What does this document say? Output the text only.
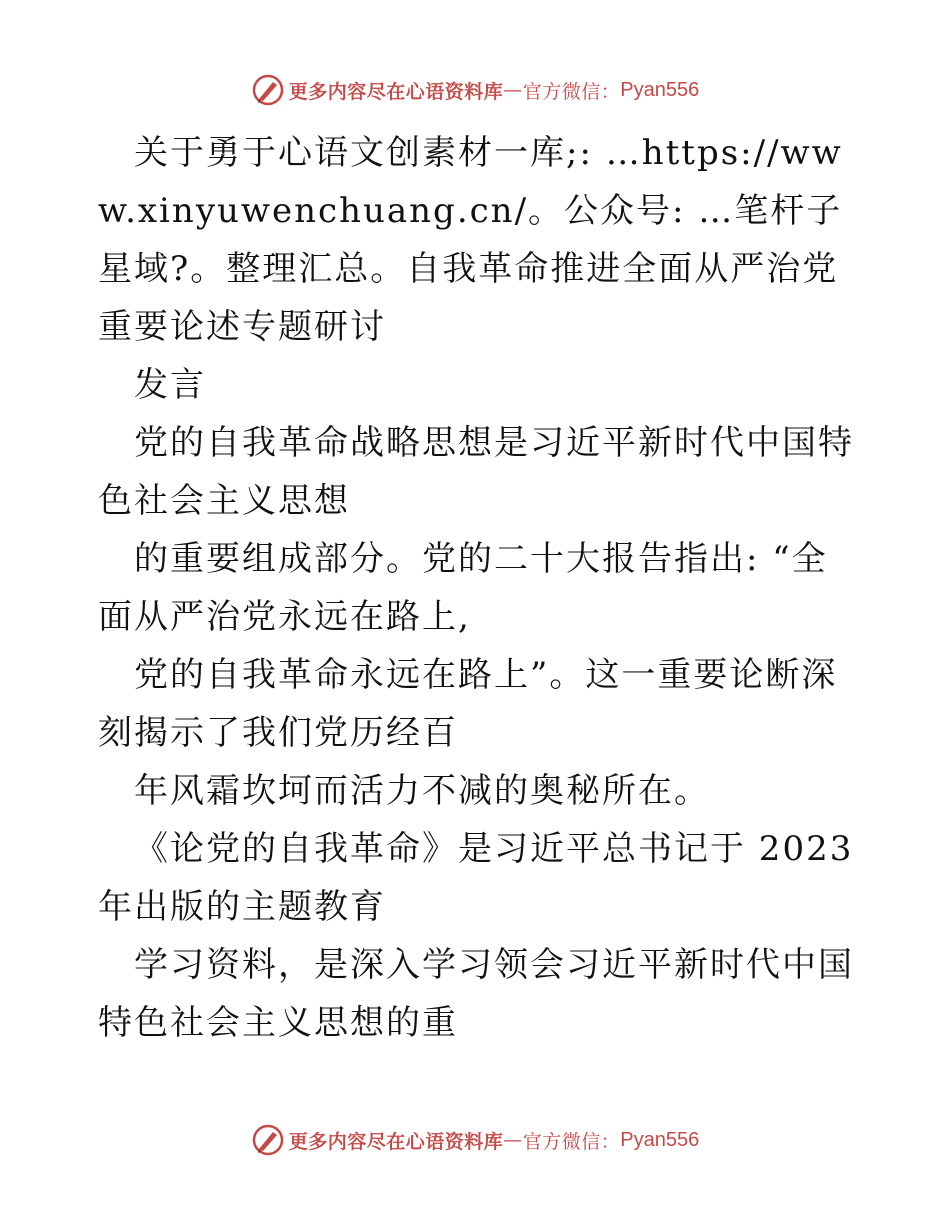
更多内容尽在心语资料库 — 官方微信： Pyan556

关于勇于心语文创素材一库;: …https://www.xinyuwenchuang.cn/。公众号: …笔杆子星域?。整理汇总。自我革命推进全面从严治党重要论述专题研讨

发言

党的自我革命战略思想是习近平新时代中国特色社会主义思想

的重要组成部分。党的二十大报告指出: “全面从严治党永远在路上,

党的自我革命永远在路上”。这一重要论断深刻揭示了我们党历经百

年风霜坎坷而活力不减的奥秘所在。

《论党的自我革命》是习近平总书记于 2023 年出版的主题教育

学习资料，是深入学习领会习近平新时代中国特色社会主义思想的重

更多内容尽在心语资料库 — 官方微信： Pyan556
